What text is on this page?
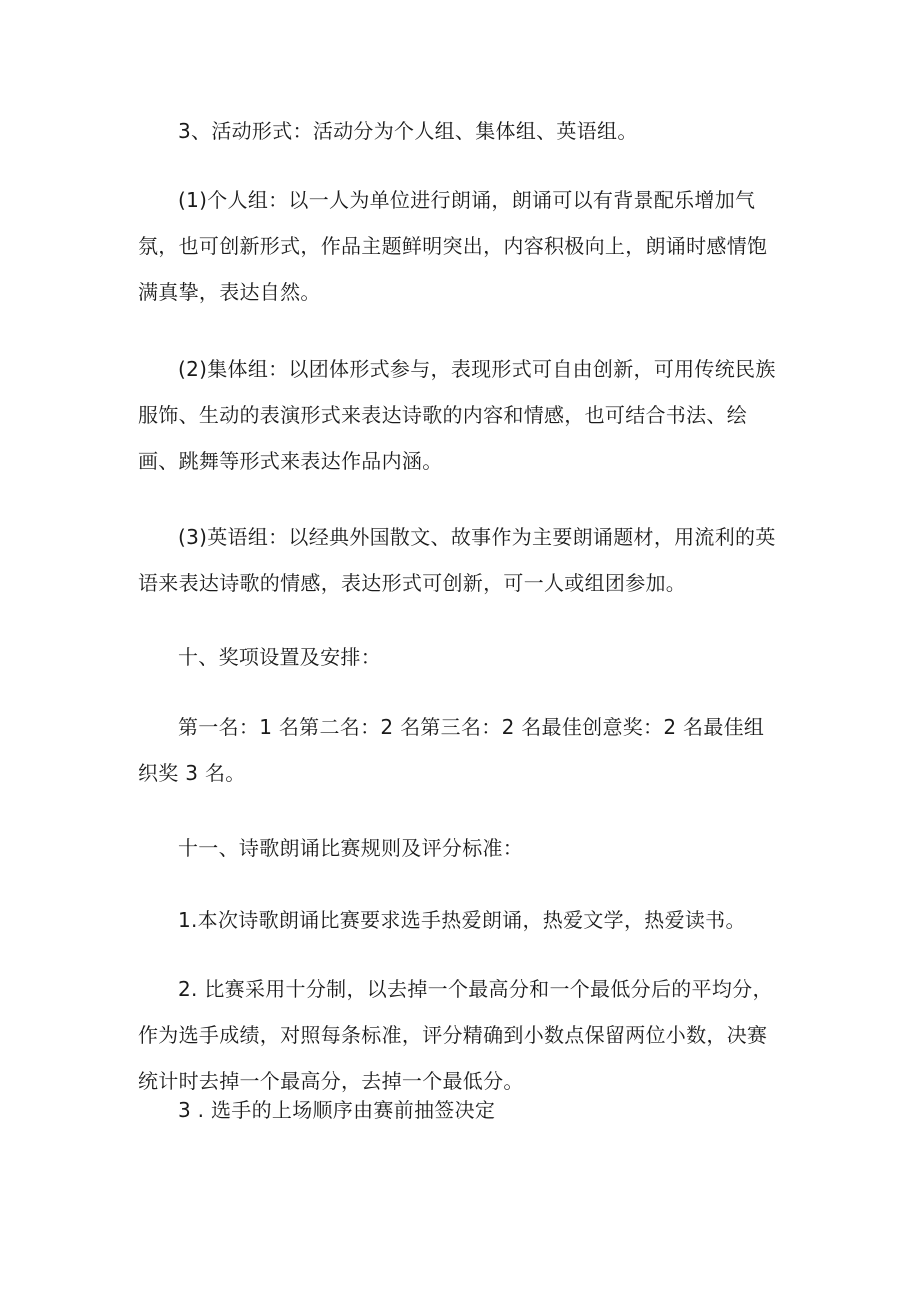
3、活动形式：活动分为个人组、集体组、英语组。

(1)个人组：以一人为单位进行朗诵，朗诵可以有背景配乐增加气氛，也可创新形式，作品主题鲜明突出，内容积极向上，朗诵时感情饱满真挚，表达自然。

(2)集体组：以团体形式参与，表现形式可自由创新，可用传统民族服饰、生动的表演形式来表达诗歌的内容和情感，也可结合书法、绘画、跳舞等形式来表达作品内涵。

(3)英语组：以经典外国散文、故事作为主要朗诵题材，用流利的英语来表达诗歌的情感，表达形式可创新，可一人或组团参加。

十、奖项设置及安排：

第一名：1 名第二名：2 名第三名：2 名最佳创意奖：2 名最佳组织奖 3 名。

十一、诗歌朗诵比赛规则及评分标准：

1.本次诗歌朗诵比赛要求选手热爱朗诵，热爱文学，热爱读书。

2. 比赛采用十分制，以去掉一个最高分和一个最低分后的平均分，作为选手成绩，对照每条标准，评分精确到小数点保留两位小数，决赛统计时去掉一个最高分，去掉一个最低分。

3 . 选手的上场顺序由赛前抽签决定
